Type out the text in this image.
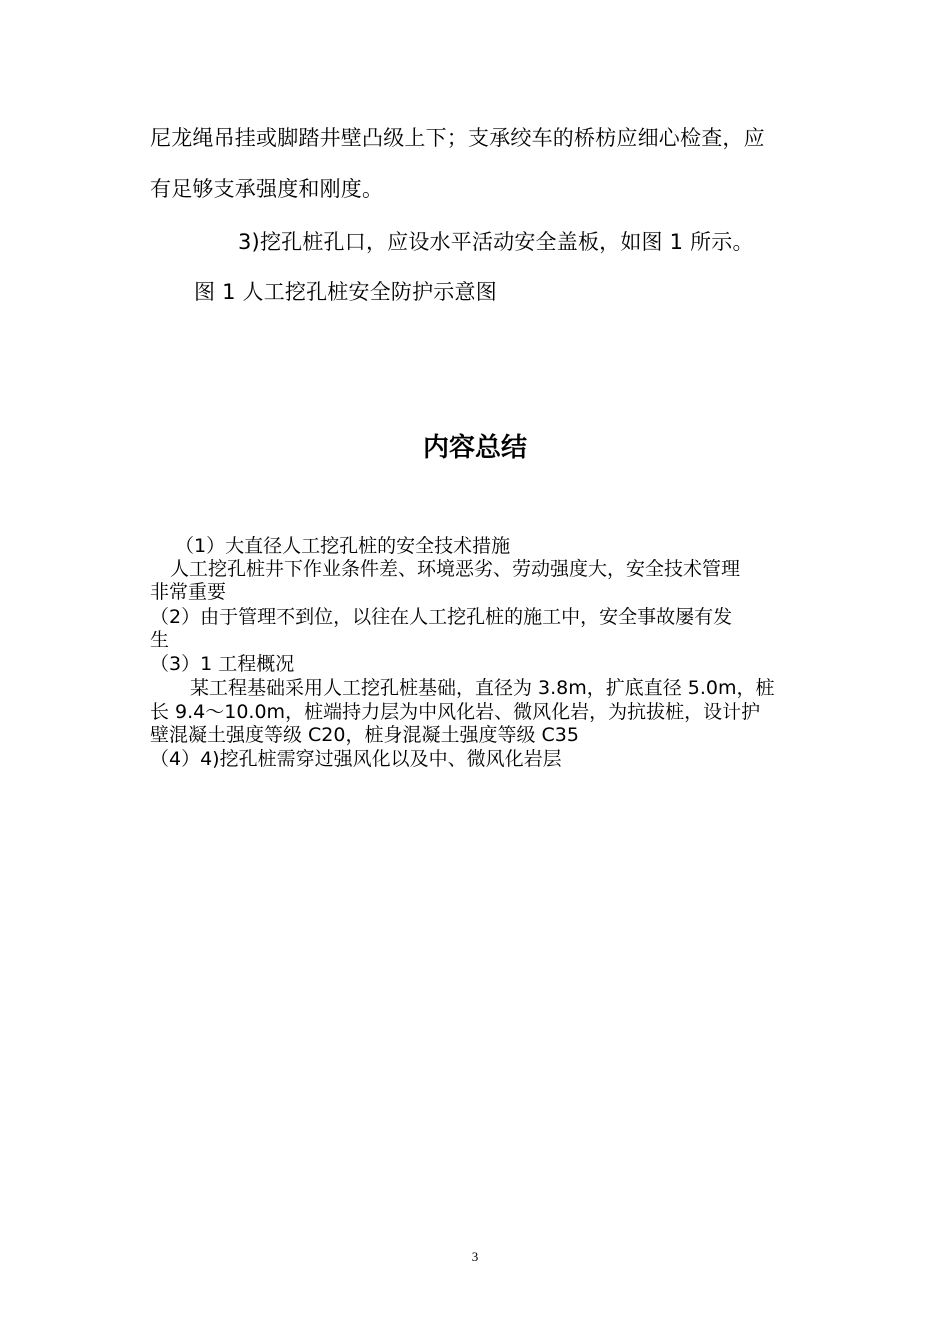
尼龙绳吊挂或脚踏井壁凸级上下；支承绞车的桥枋应细心检查，应

有足够支承强度和刚度。

3)挖孔桩孔口，应设水平活动安全盖板，如图 1 所示。

图 1 人工挖孔桩安全防护示意图

内容总结

（1）大直径人工挖孔桩的安全技术措施

人工挖孔桩井下作业条件差、环境恶劣、劳动强度大，安全技术管理

非常重要

（2）由于管理不到位，以往在人工挖孔桩的施工中，安全事故屡有发

生

（3）1 工程概况

某工程基础采用人工挖孔桩基础，直径为 3.8m，扩底直径 5.0m，桩

长 9.4～10.0m，桩端持力层为中风化岩、微风化岩，为抗拔桩，设计护

壁混凝土强度等级 C20，桩身混凝土强度等级 C35

（4）4)挖孔桩需穿过强风化以及中、微风化岩层

3
